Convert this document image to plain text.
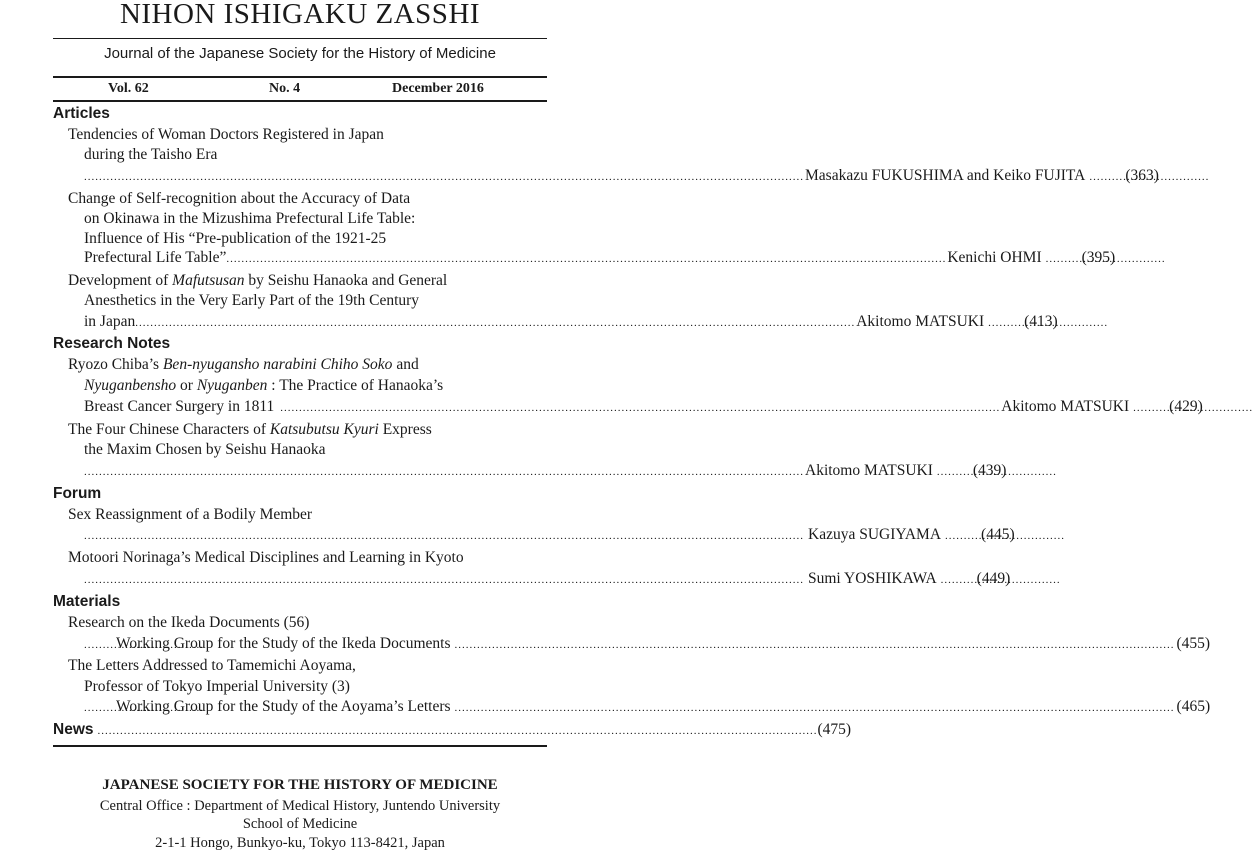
NIHON ISHIGAKU ZASSHI
Journal of the Japanese Society for the History of Medicine
Vol. 62	No. 4	December 2016
Articles
Tendencies of Woman Doctors Registered in Japan
during the Taisho Era
.....
Masakazu FUKUSHIMA and Keiko FUJITA .....	(363)
Change of Self-recognition about the Accuracy of Data
on Okinawa in the Mizushima Prefectural Life Table:
Influence of His “Pre-publication of the 1921-25
Prefectural Life Table” .....	Kenichi OHMI .....	(395)
Development of Mafutsusan by Seishu Hanaoka and General
Anesthetics in the Very Early Part of the 19th Century
in Japan .....	Akitomo MATSUKI .....	(413)
Research Notes
Ryozo Chiba’s Ben-nyugansho narabini Chiho Soko and
Nyuganbensho or Nyuganben : The Practice of Hanaoka’s
Breast Cancer Surgery in 1811 .....	Akitomo MATSUKI .....	(429)
The Four Chinese Characters of Katsubutsu Kyuri Express
the Maxim Chosen by Seishu Hanaoka
.....
Akitomo MATSUKI .....	(439)
Forum
Sex Reassignment of a Bodily Member
.....
Kazuya SUGIYAMA .....	(445)
Motoori Norinaga’s Medical Disciplines and Learning in Kyoto
.....
Sumi YOSHIKAWA .....	(449)
Materials
Research on the Ikeda Documents (56)
.....
Working Group for the Study of the Ikeda Documents .....	(455)
The Letters Addressed to Tamemichi Aoyama,
Professor of Tokyo Imperial University (3)
.....
Working Group for the Study of the Aoyama’s Letters .....	(465)
News .....	(475)
JAPANESE SOCIETY FOR THE HISTORY OF MEDICINE
Central Office : Department of Medical History, Juntendo University
School of Medicine
2-1-1 Hongo, Bunkyo-ku, Tokyo 113-8421, Japan
